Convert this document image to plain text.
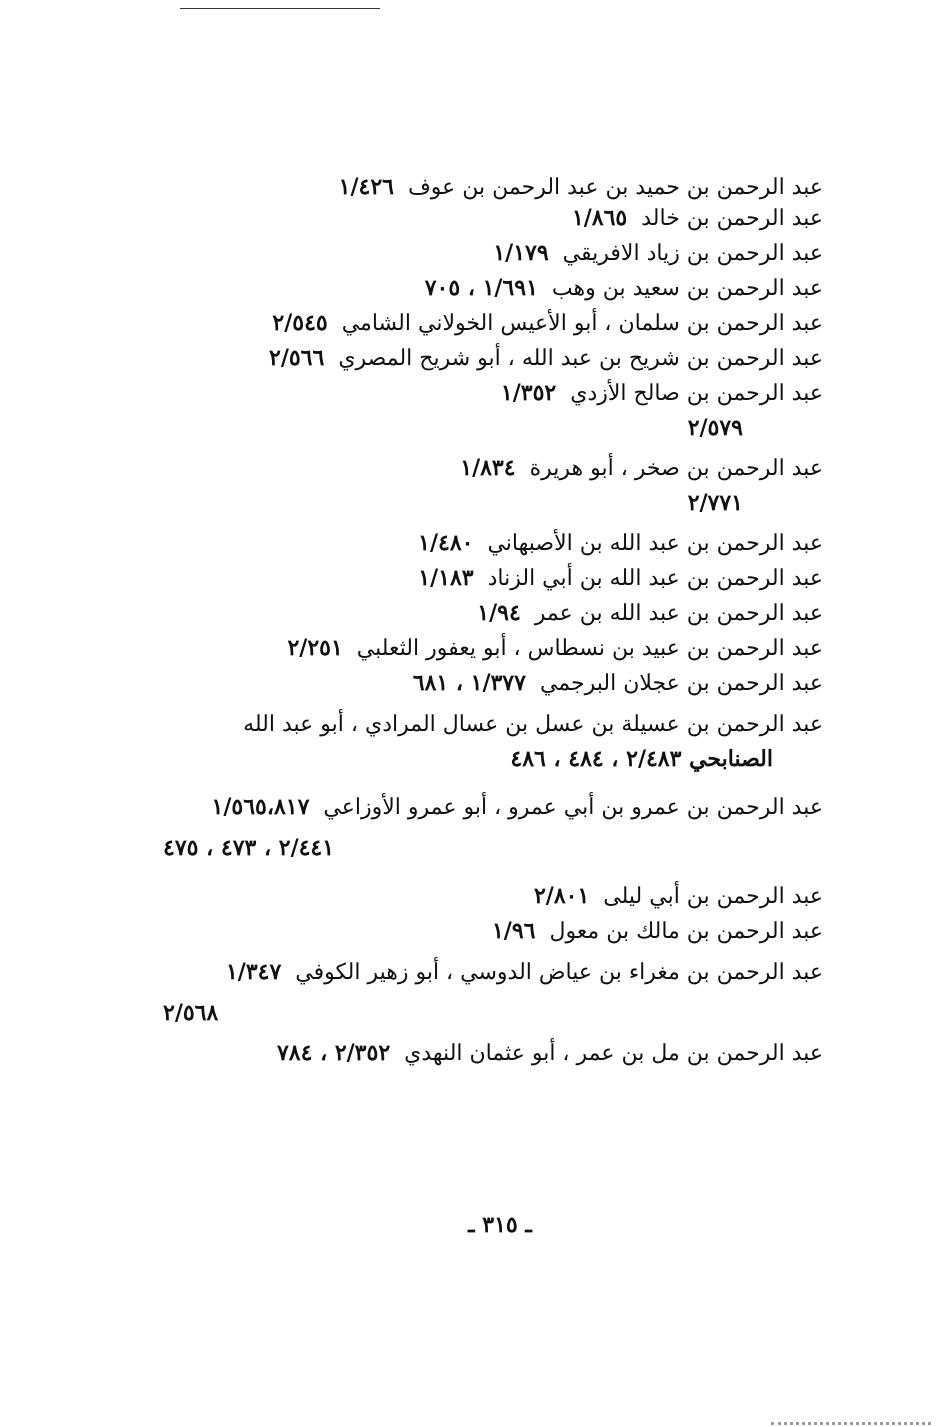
عبد الرحمن بن حميد بن عبد الرحمن بن عوف١/٤٢٦
عبد الرحمن بن خالد١/٨٦٥
عبد الرحمن بن زياد الافريقي١/١٧٩
عبد الرحمن بن سعيد بن وهب١/٦٩١ ، ٧٠٥
عبد الرحمن بن سلمان ، أبو الأعيس الخولاني الشامي٢/٥٤٥
عبد الرحمن بن شريح بن عبد الله ، أبو شريح المصري٢/٥٦٦
عبد الرحمن بن صالح الأزدي١/٣٥٢
٢/٥٧٩
عبد الرحمن بن صخر ، أبو هريرة١/٨٣٤
٢/٧٧١
عبد الرحمن بن عبد الله بن الأصبهاني١/٤٨٠
عبد الرحمن بن عبد الله بن أبي الزناد١/١٨٣
عبد الرحمن بن عبد الله بن عمر١/٩٤
عبد الرحمن بن عبيد بن نسطاس ، أبو يعفور الثعلبي٢/٢٥١
عبد الرحمن بن عجلان البرجمي١/٣٧٧ ، ٦٨١
عبد الرحمن بن عسيلة بن عسل بن عسال المرادي ، أبو عبد الله
الصنابحي ٢/٤٨٣ ، ٤٨٤ ، ٤٨٦
عبد الرحمن بن عمرو بن أبي عمرو ، أبو عمرو الأوزاعي١/٥٦٥،٨١٧
٢/٤٤١ ، ٤٧٣ ، ٤٧٥
عبد الرحمن بن أبي ليلى٢/٨٠١
عبد الرحمن بن مالك بن معول١/٩٦
عبد الرحمن بن مغراء بن عياض الدوسي ، أبو زهير الكوفي١/٣٤٧
٢/٥٦٨
عبد الرحمن بن مل بن عمر ، أبو عثمان النهدي٢/٣٥٢ ، ٧٨٤
ـ ٣١٥ ـ
